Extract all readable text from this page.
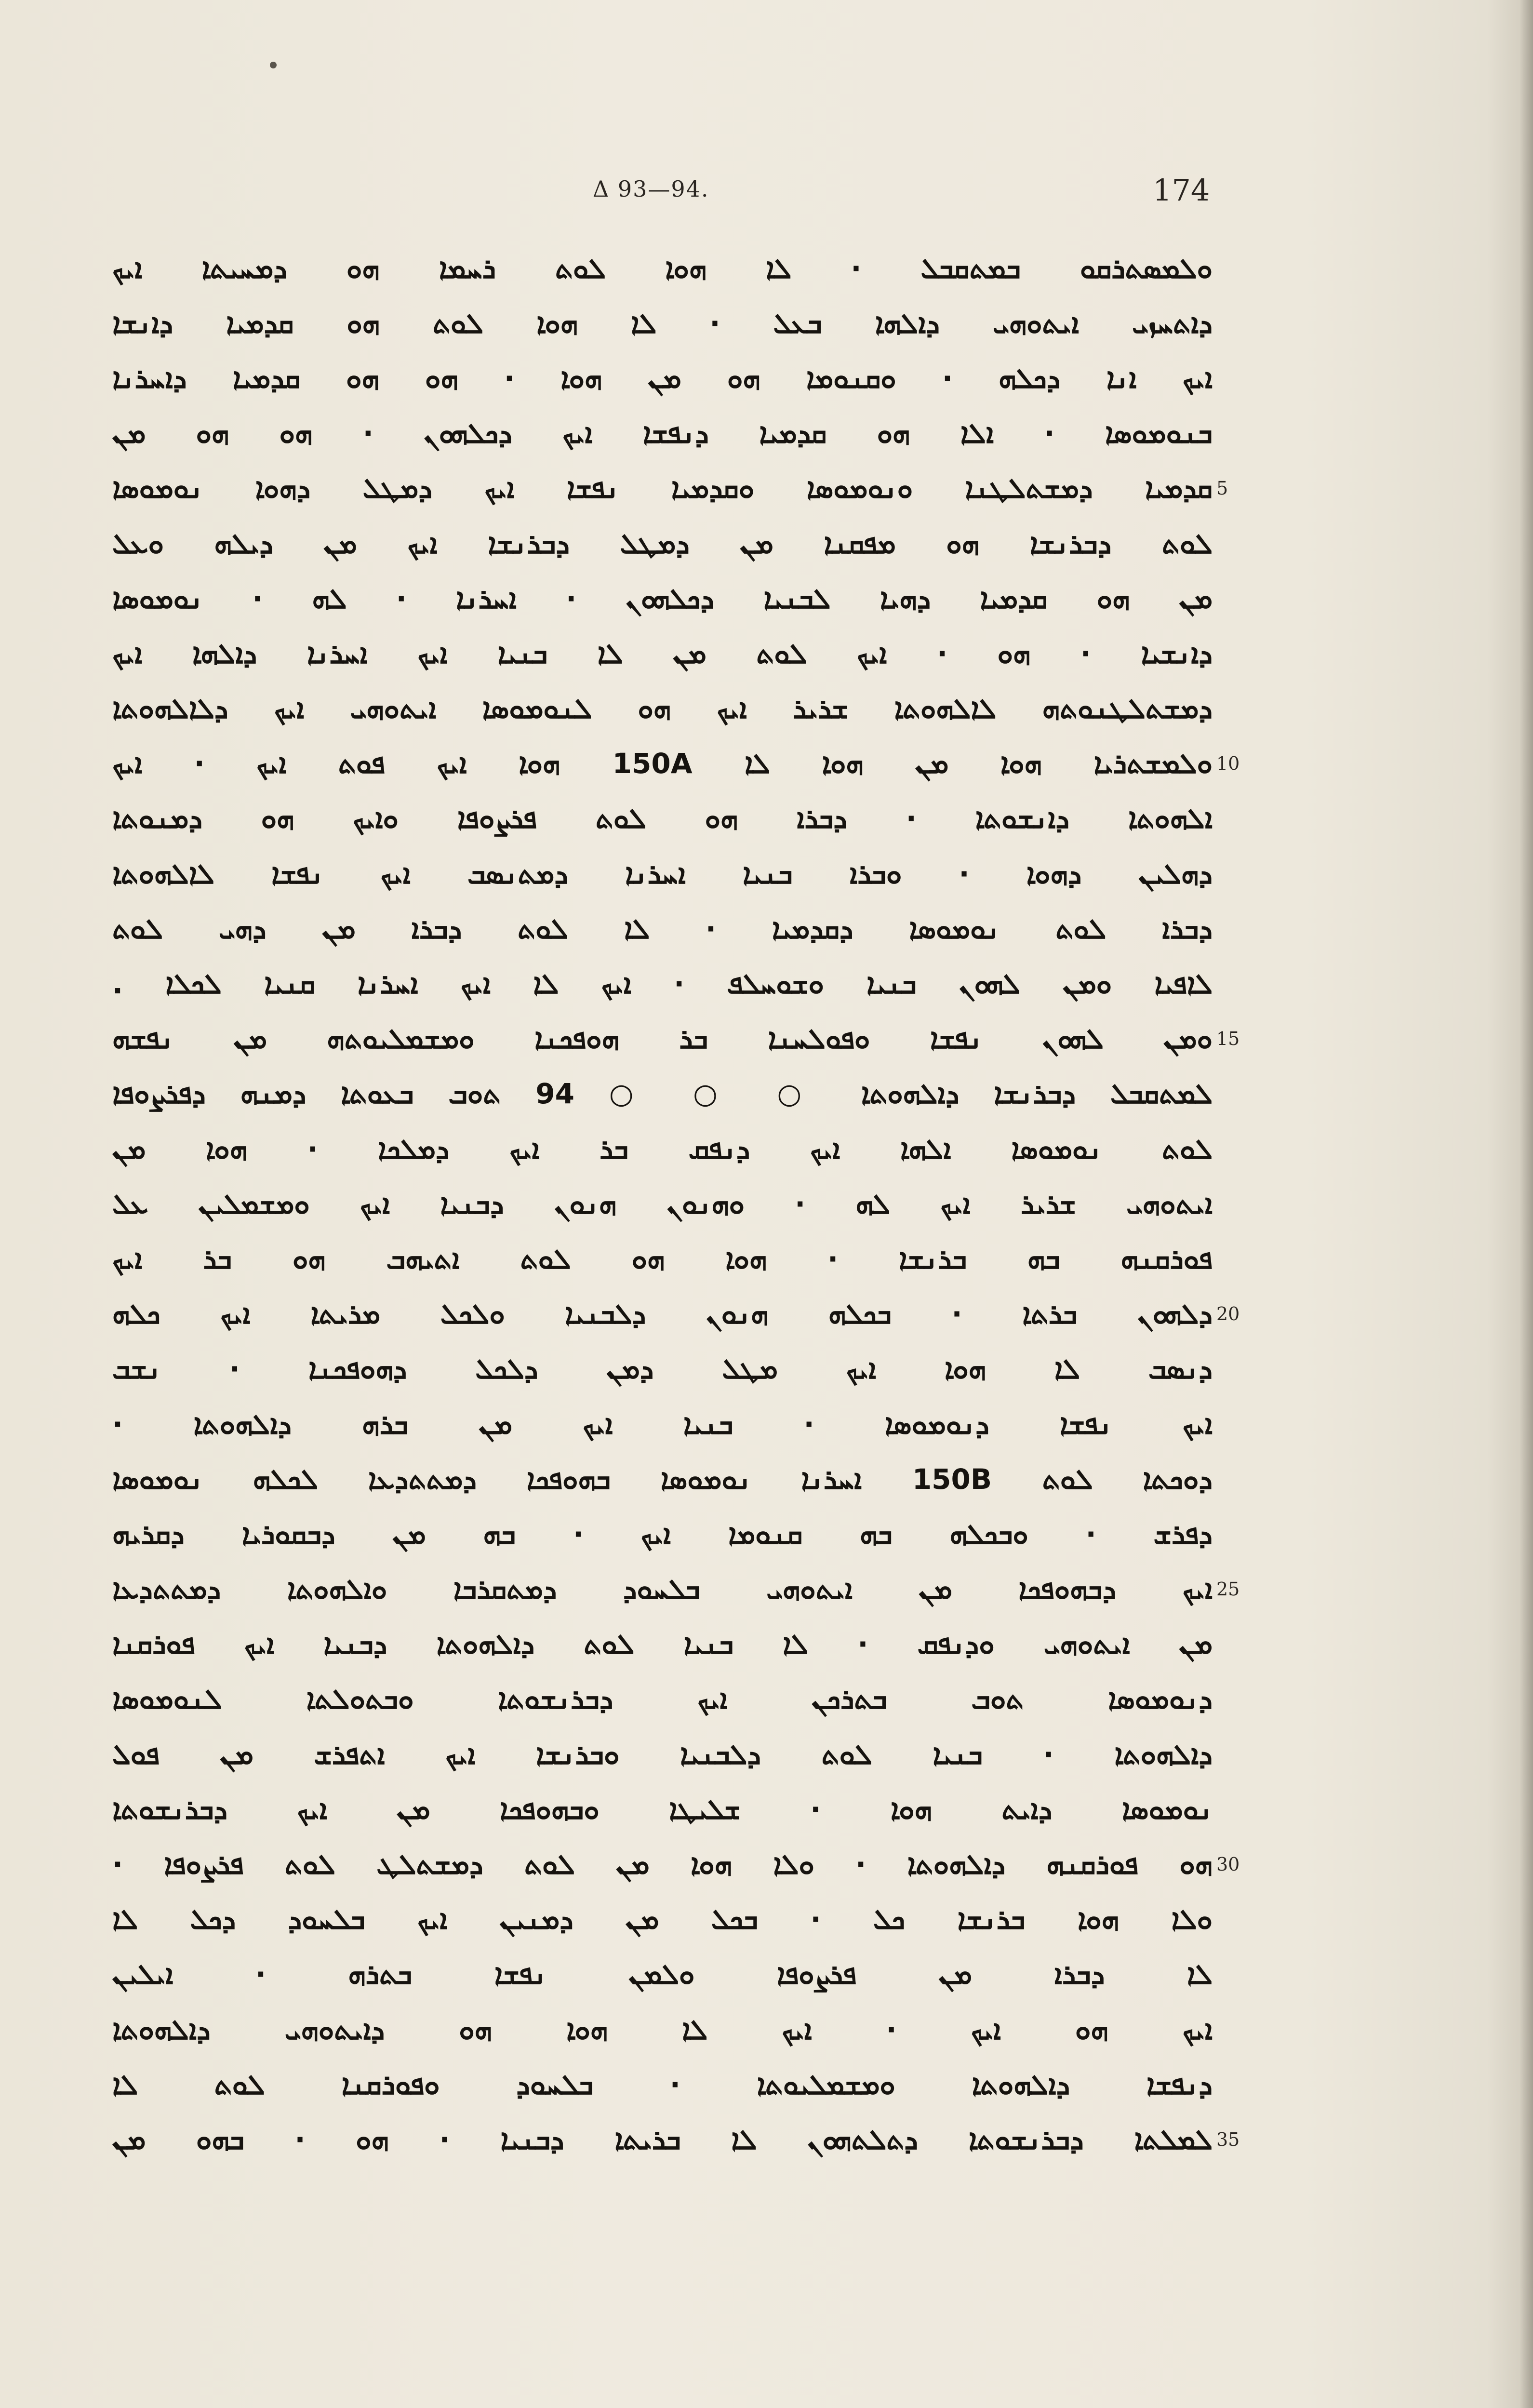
Δ 93—94.	174
ܘܠܡܣܬܪܩܘ ܒܡܬܩܒܠ · ܠܐ ܗܘܐ ܠܘܬ ܪܚܡܐ ܗܘ ܕܡܚܝܬܐ ܐܝܟ
ܕܐܬܚܙܝ ܐܝܬܘܗܝ ܕܐܠܗܐ ܒܥܠ · ܠܐ ܗܘܐ ܠܘܬ ܗܘ ܩܕܡܝܐ ܕܐܢܫܐ
ܐܝܟ ܐܢܐ ܕܟܠܗ · ܘܩܢܘܡܐ ܗܘ ܡܢ ܗܘܐ · ܗܘ ܗܘ ܩܕܡܝܐ ܕܐܚܪܢܐ
ܒܢܘܡܘܣܐ · ܐܠܐ ܗܘ ܩܕܡܝܐ ܕܢܦܫܐ ܐܝܟ ܕܟܠܗܘܢ · ܗܘ ܗܘ ܡܢ
ܩܕܡܝܐ ܕܡܫܬܠܛܢܐ ܘܢܘܡܘܣܐ ܘܩܕܡܝܐ ܢܦܫܐ ܐܝܟ ܕܡܛܠ ܕܗܘܐ ܢܘܡܘܣܐ
ܠܘܬ ܕܒܪܢܫܐ ܗܘ ܡܦܩܢܐ ܡܢ ܕܡܛܠ ܕܒܪܢܫܐ ܐܝܟ ܡܢ ܕܝܠܗ ܘܥܠ
ܡܢ ܗܘ ܩܕܡܝܐ ܕܗܝܐ ܠܒܢܝܐ ܕܟܠܗܘܢ · ܐܚܪܢܐ · ܠܗ · ܢܘܡܘܣܐ
ܕܐܢܫܝܐ · ܗܘ · ܐܝܟ ܠܘܬ ܡܢ ܠܐ ܒܢܝܐ ܐܝܟ ܐܚܪܢܐ ܕܐܠܗܐ ܐܝܟ
ܕܡܫܬܠܛܢܘܬܗ ܠܐܠܗܘܬܐ ܫܪܝܪ ܐܝܟ ܗܘ ܠܢܘܡܘܣܐ ܐܝܬܘܗܝ ܐܝܟ ܕܠܐܠܗܘܬܐ
ܘܠܡܫܬܪܝܐ ܗܘܐ ܡܢ ܗܘܐ ܠܐ 150A ܗܘܐ ܐܝܟ ܦܘܬ ܐܝܟ · ܐܝܟ
ܐܠܗܘܬܐ ܕܐܢܫܘܬܐ · ܕܒܪܐ ܗܘ ܠܘܬ ܦܪܨܘܦܐ ܘܐܝܟ ܗܘ ܕܡܢܘܬܐ
ܕܗܠܝܢ ܕܗܘܐ · ܘܒܪܐ ܒܢܝܐ ܐܚܪܢܐ ܕܡܬܢܣܒ ܐܝܟ ܢܦܫܐ ܠܐܠܗܘܬܐ
ܕܒܪܐ ܠܘܬ ܢܘܡܘܣܐ ܕܩܕܡܝܐ · ܠܐ ܠܘܬ ܕܒܪܐ ܡܢ ܕܗܝ ܠܘܬ
ܠܐܦܝܐ ܘܡܢ ܠܗܘܢ ܒܢܝܐ ܘܫܘܚܠܦ · ܐܝܟ ܠܐ ܐܝܟ ܐܚܪܢܐ ܩܢܝܐ ܠܟܠܐ .
ܘܡܢ ܠܗܘܢ ܢܦܫܐ ܘܦܘܠܚܢܐ ܒܪ ܗܘܦܟܢܐ ܘܡܫܡܠܝܘܬܗ ܡܢ ܢܦܫܗ
ܠܡܬܩܒܠ ܕܒܪܢܫܐ ܕܐܠܗܘܬܐ ○ ○ ○ 94 ܬܘܒ ܒܥܘܬܐ ܕܡܢܗ ܕܦܪܨܘܦܐ
ܠܘܬ ܢܘܡܘܣܐ ܐܠܗܐ ܐܝܟ ܕܢܦܩ ܒܪ ܐܝܟ ܕܡܠܟܐ · ܗܘܐ ܡܢ
ܐܝܬܘܗܝ ܫܪܝܪ ܐܝܟ ܠܗ · ܘܗܢܘܢ ܗܢܘܢ ܕܒܢܝܐ ܐܝܟ ܘܡܫܡܠܝܢ ܥܠ
ܦܘܪܩܢܗ ܒܗ ܒܪܢܫܐ · ܗܘܐ ܗܘ ܠܘܬ ܐܬܝܗܒ ܗܘ ܒܪ ܐܝܟ
ܕܠܗܘܢ ܒܪܬܐ · ܒܟܠܗ ܗܢܘܢ ܕܠܒܢܝܐ ܘܠܟܠ ܡܪܝܬܐ ܐܝܟ ܟܠܗ
ܕܢܣܒ ܠܐ ܗܘܐ ܐܝܟ ܡܛܠ ܕܡܢ ܕܠܟܠ ܕܗܘܦܟܢܐ · ܢܫܒ
ܐܝܟ ܢܦܫܐ ܕܢܘܡܘܣܐ · ܒܢܝܐ ܐܝܟ ܡܢ ܒܪܗ ܕܐܠܗܘܬܐ ·
ܕܘܟܬܐ ܠܘܬ 150B ܐܚܪܢܐ ܢܘܡܘܣܐ ܒܗܘܦܟܐ ܕܡܬܬܕܥܐ ܠܟܠܗ ܢܘܡܘܣܐ
ܕܦܪܫ · ܘܒܟܠܗ ܒܗ ܩܢܘܡܐ ܐܝܟ · ܒܗ ܡܢ ܕܒܩܘܪܝܐ ܕܩܪܝܗ
ܐܝܟ ܕܒܗܘܦܟܐ ܡܢ ܐܝܬܘܗܝ ܒܠܚܘܕ ܕܡܬܩܪܒܐ ܘܐܠܗܘܬܐ ܕܡܬܬܕܥܐ
ܡܢ ܐܝܬܘܗܝ ܘܕܢܦܩ · ܠܐ ܒܢܝܐ ܠܘܬ ܕܐܠܗܘܬܐ ܕܒܢܝܐ ܐܝܟ ܦܘܪܩܢܐ
ܕܢܘܡܘܣܐ ܬܘܒ ܒܬܪܟܢ ܐܝܟ ܕܒܪܢܫܘܬܐ ܘܒܬܘܠܬܐ ܠܢܘܡܘܣܐ
ܕܐܠܗܘܬܐ · ܒܢܝܐ ܠܘܬ ܕܠܒܢܝܐ ܘܒܪܢܫܐ ܐܝܟ ܐܬܦܪܫ ܡܢ ܦܘܠ
ܢܘܡܘܣܐ ܕܐܝܬ ܗܘܐ · ܫܠܝܛܐ ܘܒܗܘܦܟܐ ܡܢ ܐܝܟ ܕܒܪܢܫܘܬܐ
ܗܘ ܦܘܪܩܢܗ ܕܐܠܗܘܬܐ · ܘܠܐ ܗܘܐ ܡܢ ܠܘܬ ܕܡܫܬܠܛ ܠܘܬ ܦܪܨܘܦܐ ·
ܘܠܐ ܗܘܐ ܒܪܢܫܐ ܟܠ · ܒܟܠ ܡܢ ܕܡܢܝܢ ܐܝܟ ܒܠܚܘܕ ܕܟܠ ܠܐ
ܠܐ ܕܒܪܐ ܡܢ ܦܪܨܘܦܐ ܘܠܡܢ ܢܦܫܐ ܒܬܪܗ · ܐܝܠܝܢ
ܐܝܟ ܗܘ ܐܝܟ · ܐܝܟ ܠܐ ܗܘܐ ܗܘ ܕܐܝܬܘܗܝ ܕܐܠܗܘܬܐ
ܕܢܦܫܐ ܕܐܠܗܘܬܐ ܘܡܫܡܠܝܘܬܐ · ܒܠܚܘܕ ܘܦܘܪܩܢܐ ܠܘܬ ܠܐ
ܠܡܠܬܐ ܕܒܪܢܫܘܬܐ ܕܬܠܬܗܘܢ ܠܐ ܒܪܝܬܐ ܕܒܢܝܐ · ܗܘ · ܒܗܘ ܡܢ
5
10
15
20
25
30
35
